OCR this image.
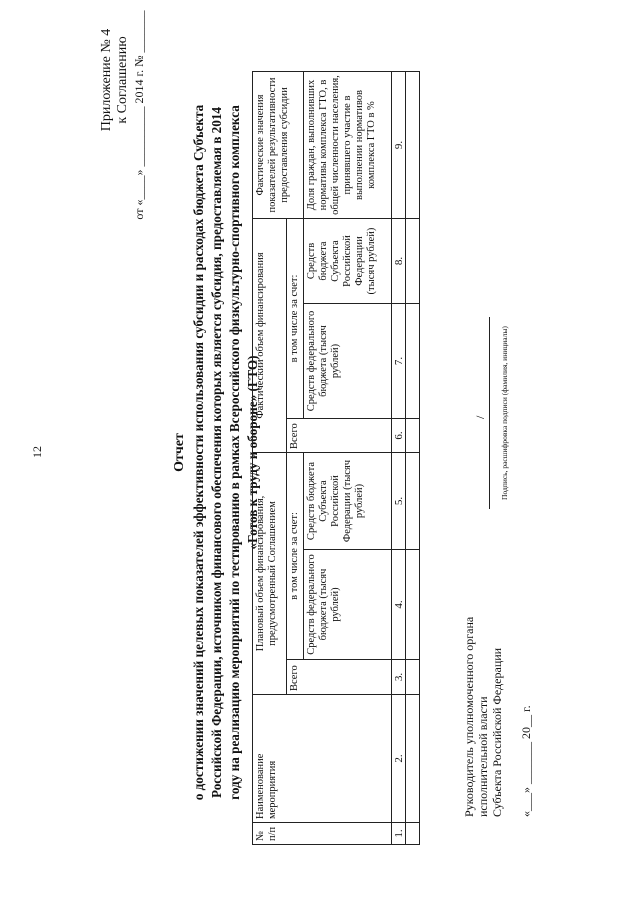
12
Приложение № 4 к Соглашению от «____» __________ 2014 г. № _______
Отчет о достижении значений целевых показателей эффективности использования субсидии и расходах бюджета Субъекта Российской Федерации, источником финансового обеспечения которых является субсидия, предоставляемая в 2014 году на реализацию мероприятий по тестированию в рамках Всероссийского физкультурно-спортивного комплекса «Готов к труду и обороне» (ГТО)
№ п/п	Наименование мероприятия	Плановый объем финансирования, предусмотренный Соглашением			Фактический объем финансирования			Фактические значения показателей результативности предоставления субсидии
		Всего	в том числе за счет:		Всего	в том числе за счет:		
			Средств федерального бюджета (тысяч рублей)	Средств бюджета Субъекта Российской Федерации (тысяч рублей)		Средств федерального бюджета (тысяч рублей)	Средств бюджета Субъекта Российской Федерации (тысяч рублей)	Доля граждан, выполнивших нормативы комплекса ГТО, в общей численности населения, принявшего участие в выполнении нормативов комплекса ГТО в %
1.	2.	3.	4.	5.	6.	7.	8.	9.

Руководитель уполномоченного органа исполнительной власти Субъекта Российской Федерации «___» _______ 20__ г.
/ Подпись, расшифровка подписи (фамилия, инициалы)
